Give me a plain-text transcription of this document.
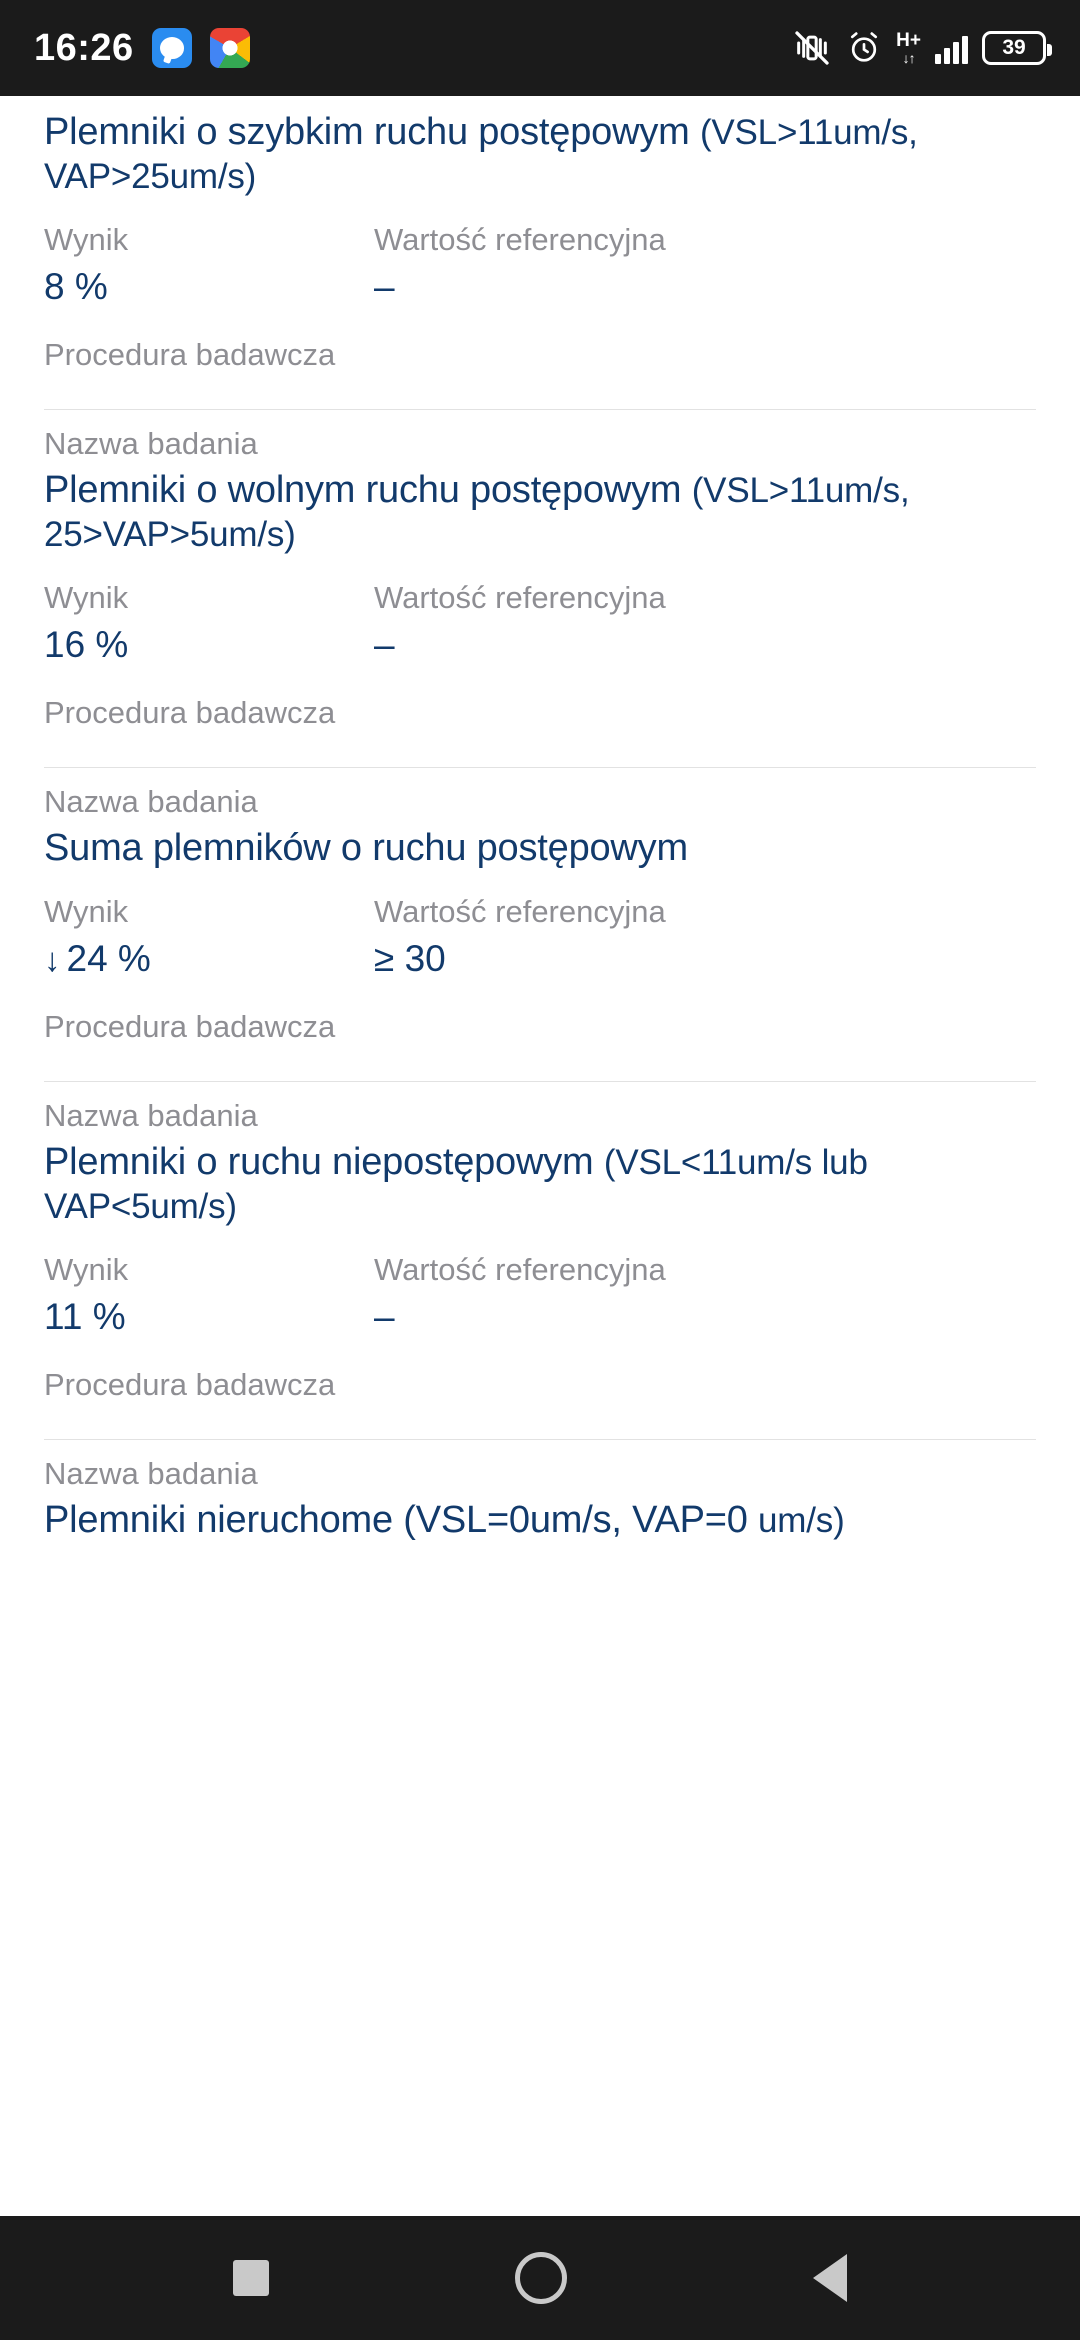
16:26	H+
↓↑	39
Plemniki o szybkim ruchu postępowym (VSL>11um/s, VAP>25um/s)
Wynik
8 %
Wartość referencyjna
–
Procedura badawcza
Nazwa badania
Plemniki o wolnym ruchu postępowym (VSL>11um/s, 25>VAP>5um/s)
Wynik
16 %
Wartość referencyjna
–
Procedura badawcza
Nazwa badania
Suma plemników o ruchu postępowym
Wynik
↓ 24 %
Wartość referencyjna
≥ 30
Procedura badawcza
Nazwa badania
Plemniki o ruchu niepostępowym (VSL<11um/s lub VAP<5um/s)
Wynik
11 %
Wartość referencyjna
–
Procedura badawcza
Nazwa badania
Plemniki nieruchome (VSL=0um/s, VAP=0 um/s)
